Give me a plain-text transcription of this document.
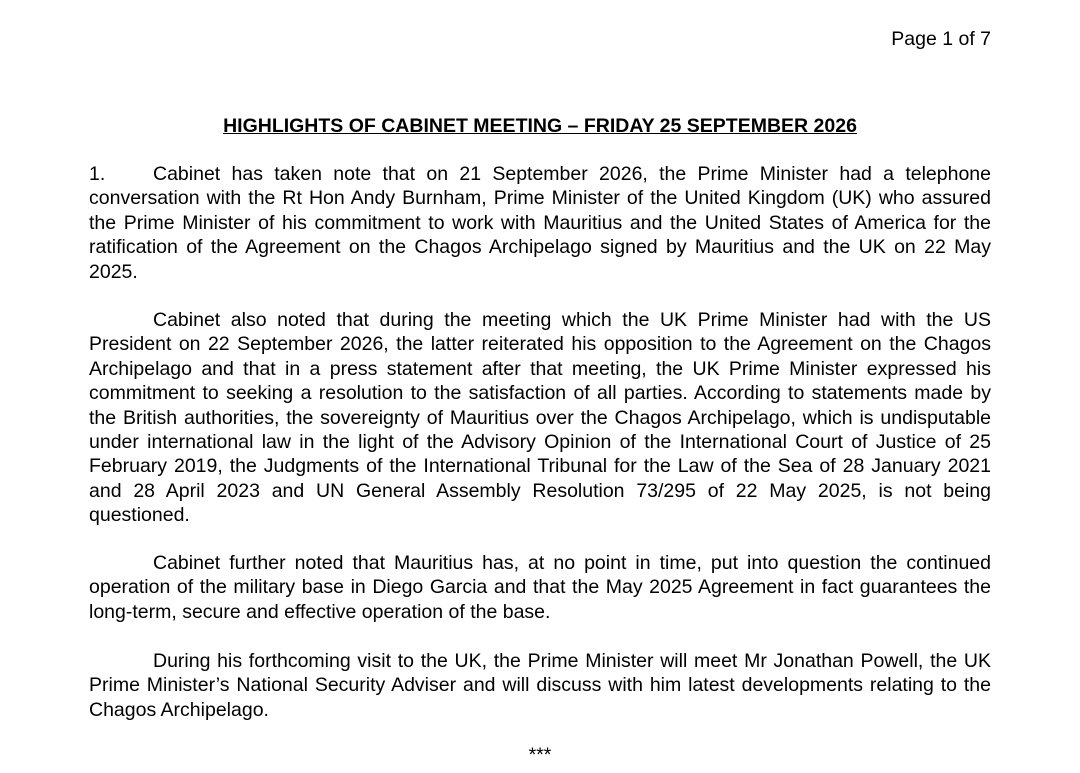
Page 1 of 7
HIGHLIGHTS OF CABINET MEETING – FRIDAY 25 SEPTEMBER 2026
1. Cabinet has taken note that on 21 September 2026, the Prime Minister had a telephone conversation with the Rt Hon Andy Burnham, Prime Minister of the United Kingdom (UK) who assured the Prime Minister of his commitment to work with Mauritius and the United States of America for the ratification of the Agreement on the Chagos Archipelago signed by Mauritius and the UK on 22 May 2025.
Cabinet also noted that during the meeting which the UK Prime Minister had with the US President on 22 September 2026, the latter reiterated his opposition to the Agreement on the Chagos Archipelago and that in a press statement after that meeting, the UK Prime Minister expressed his commitment to seeking a resolution to the satisfaction of all parties. According to statements made by the British authorities, the sovereignty of Mauritius over the Chagos Archipelago, which is undisputable under international law in the light of the Advisory Opinion of the International Court of Justice of 25 February 2019, the Judgments of the International Tribunal for the Law of the Sea of 28 January 2021 and 28 April 2023 and UN General Assembly Resolution 73/295 of 22 May 2025, is not being questioned.
Cabinet further noted that Mauritius has, at no point in time, put into question the continued operation of the military base in Diego Garcia and that the May 2025 Agreement in fact guarantees the long-term, secure and effective operation of the base.
During his forthcoming visit to the UK, the Prime Minister will meet Mr Jonathan Powell, the UK Prime Minister’s National Security Adviser and will discuss with him latest developments relating to the Chagos Archipelago.
***
